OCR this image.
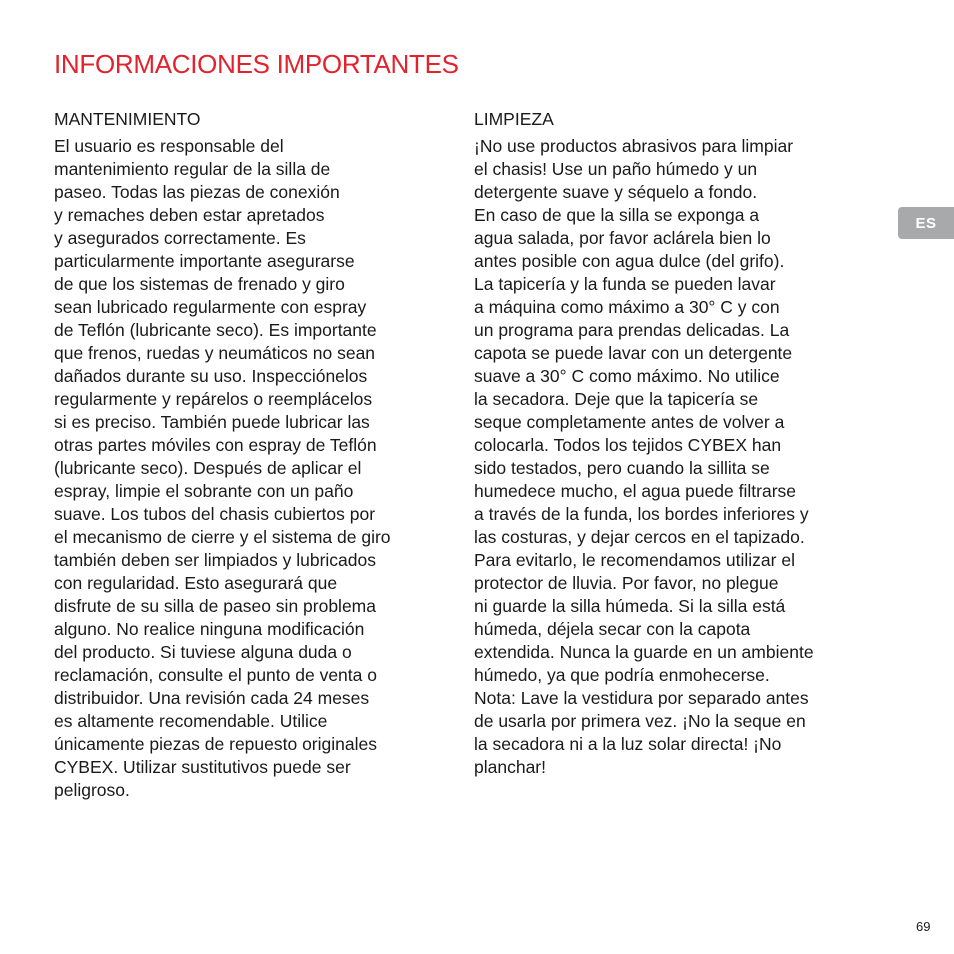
INFORMACIONES IMPORTANTES
MANTENIMIENTO
El usuario es responsable del
mantenimiento regular de la silla de
paseo. Todas las piezas de conexión
y remaches deben estar apretados
y asegurados correctamente. Es
particularmente importante asegurarse
de que los sistemas de frenado y giro
sean lubricado regularmente con espray
de Teflón (lubricante seco). Es importante
que frenos, ruedas y neumáticos no sean
dañados durante su uso. Inspecciónelos
regularmente y repárelos o reemplácelos
si es preciso. También puede lubricar las
otras partes móviles con espray de Teflón
(lubricante seco). Después de aplicar el
espray, limpie el sobrante con un paño
suave. Los tubos del chasis cubiertos por
el mecanismo de cierre y el sistema de giro
también deben ser limpiados y lubricados
con regularidad. Esto asegurará que
disfrute de su silla de paseo sin problema
alguno. No realice ninguna modificación
del producto. Si tuviese alguna duda o
reclamación, consulte el punto de venta o
distribuidor. Una revisión cada 24 meses
es altamente recomendable. Utilice
únicamente piezas de repuesto originales
CYBEX. Utilizar sustitutivos puede ser
peligroso.
LIMPIEZA
¡No use productos abrasivos para limpiar
el chasis! Use un paño húmedo y un
detergente suave y séquelo a fondo.
En caso de que la silla se exponga a
agua salada, por favor aclárela bien lo
antes posible con agua dulce (del grifo).
La tapicería y la funda se pueden lavar
a máquina como máximo a 30° C y con
un programa para prendas delicadas. La
capota se puede lavar con un detergente
suave a 30° C como máximo. No utilice
la secadora. Deje que la tapicería se
seque completamente antes de volver a
colocarla. Todos los tejidos CYBEX han
sido testados, pero cuando la sillita se
humedece mucho, el agua puede filtrarse
a través de la funda, los bordes inferiores y
las costuras, y dejar cercos en el tapizado.
Para evitarlo, le recomendamos utilizar el
protector de lluvia. Por favor, no plegue
ni guarde la silla húmeda. Si la silla está
húmeda, déjela secar con la capota
extendida. Nunca la guarde en un ambiente
húmedo, ya que podría enmohecerse.
Nota: Lave la vestidura por separado antes
de usarla por primera vez. ¡No la seque en
la secadora ni a la luz solar directa! ¡No
planchar!
ES
69
